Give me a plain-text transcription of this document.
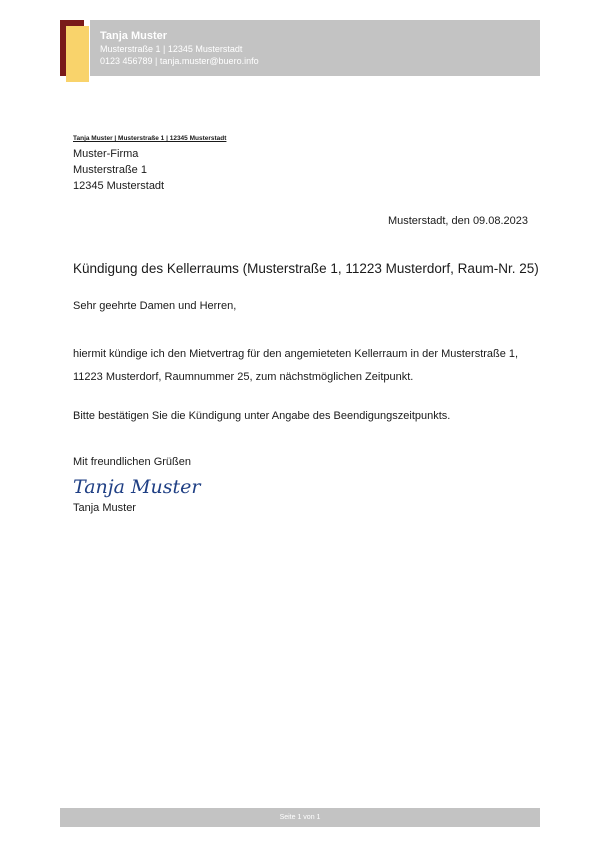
Tanja Muster
Musterstraße 1 | 12345 Musterstadt
0123 456789 | tanja.muster@buero.info
Tanja Muster | Musterstraße 1 | 12345 Musterstadt
Muster-Firma
Musterstraße 1
12345 Musterstadt
Musterstadt, den 09.08.2023
Kündigung des Kellerraums (Musterstraße 1, 11223 Musterdorf, Raum-Nr. 25)
Sehr geehrte Damen und Herren,
hiermit kündige ich den Mietvertrag für den angemieteten Kellerraum in der Musterstraße 1, 11223 Musterdorf, Raumnummer 25, zum nächstmöglichen Zeitpunkt.
Bitte bestätigen Sie die Kündigung unter Angabe des Beendigungszeitpunkts.
Mit freundlichen Grüßen
Tanja Muster
Tanja Muster
Seite 1 von 1
